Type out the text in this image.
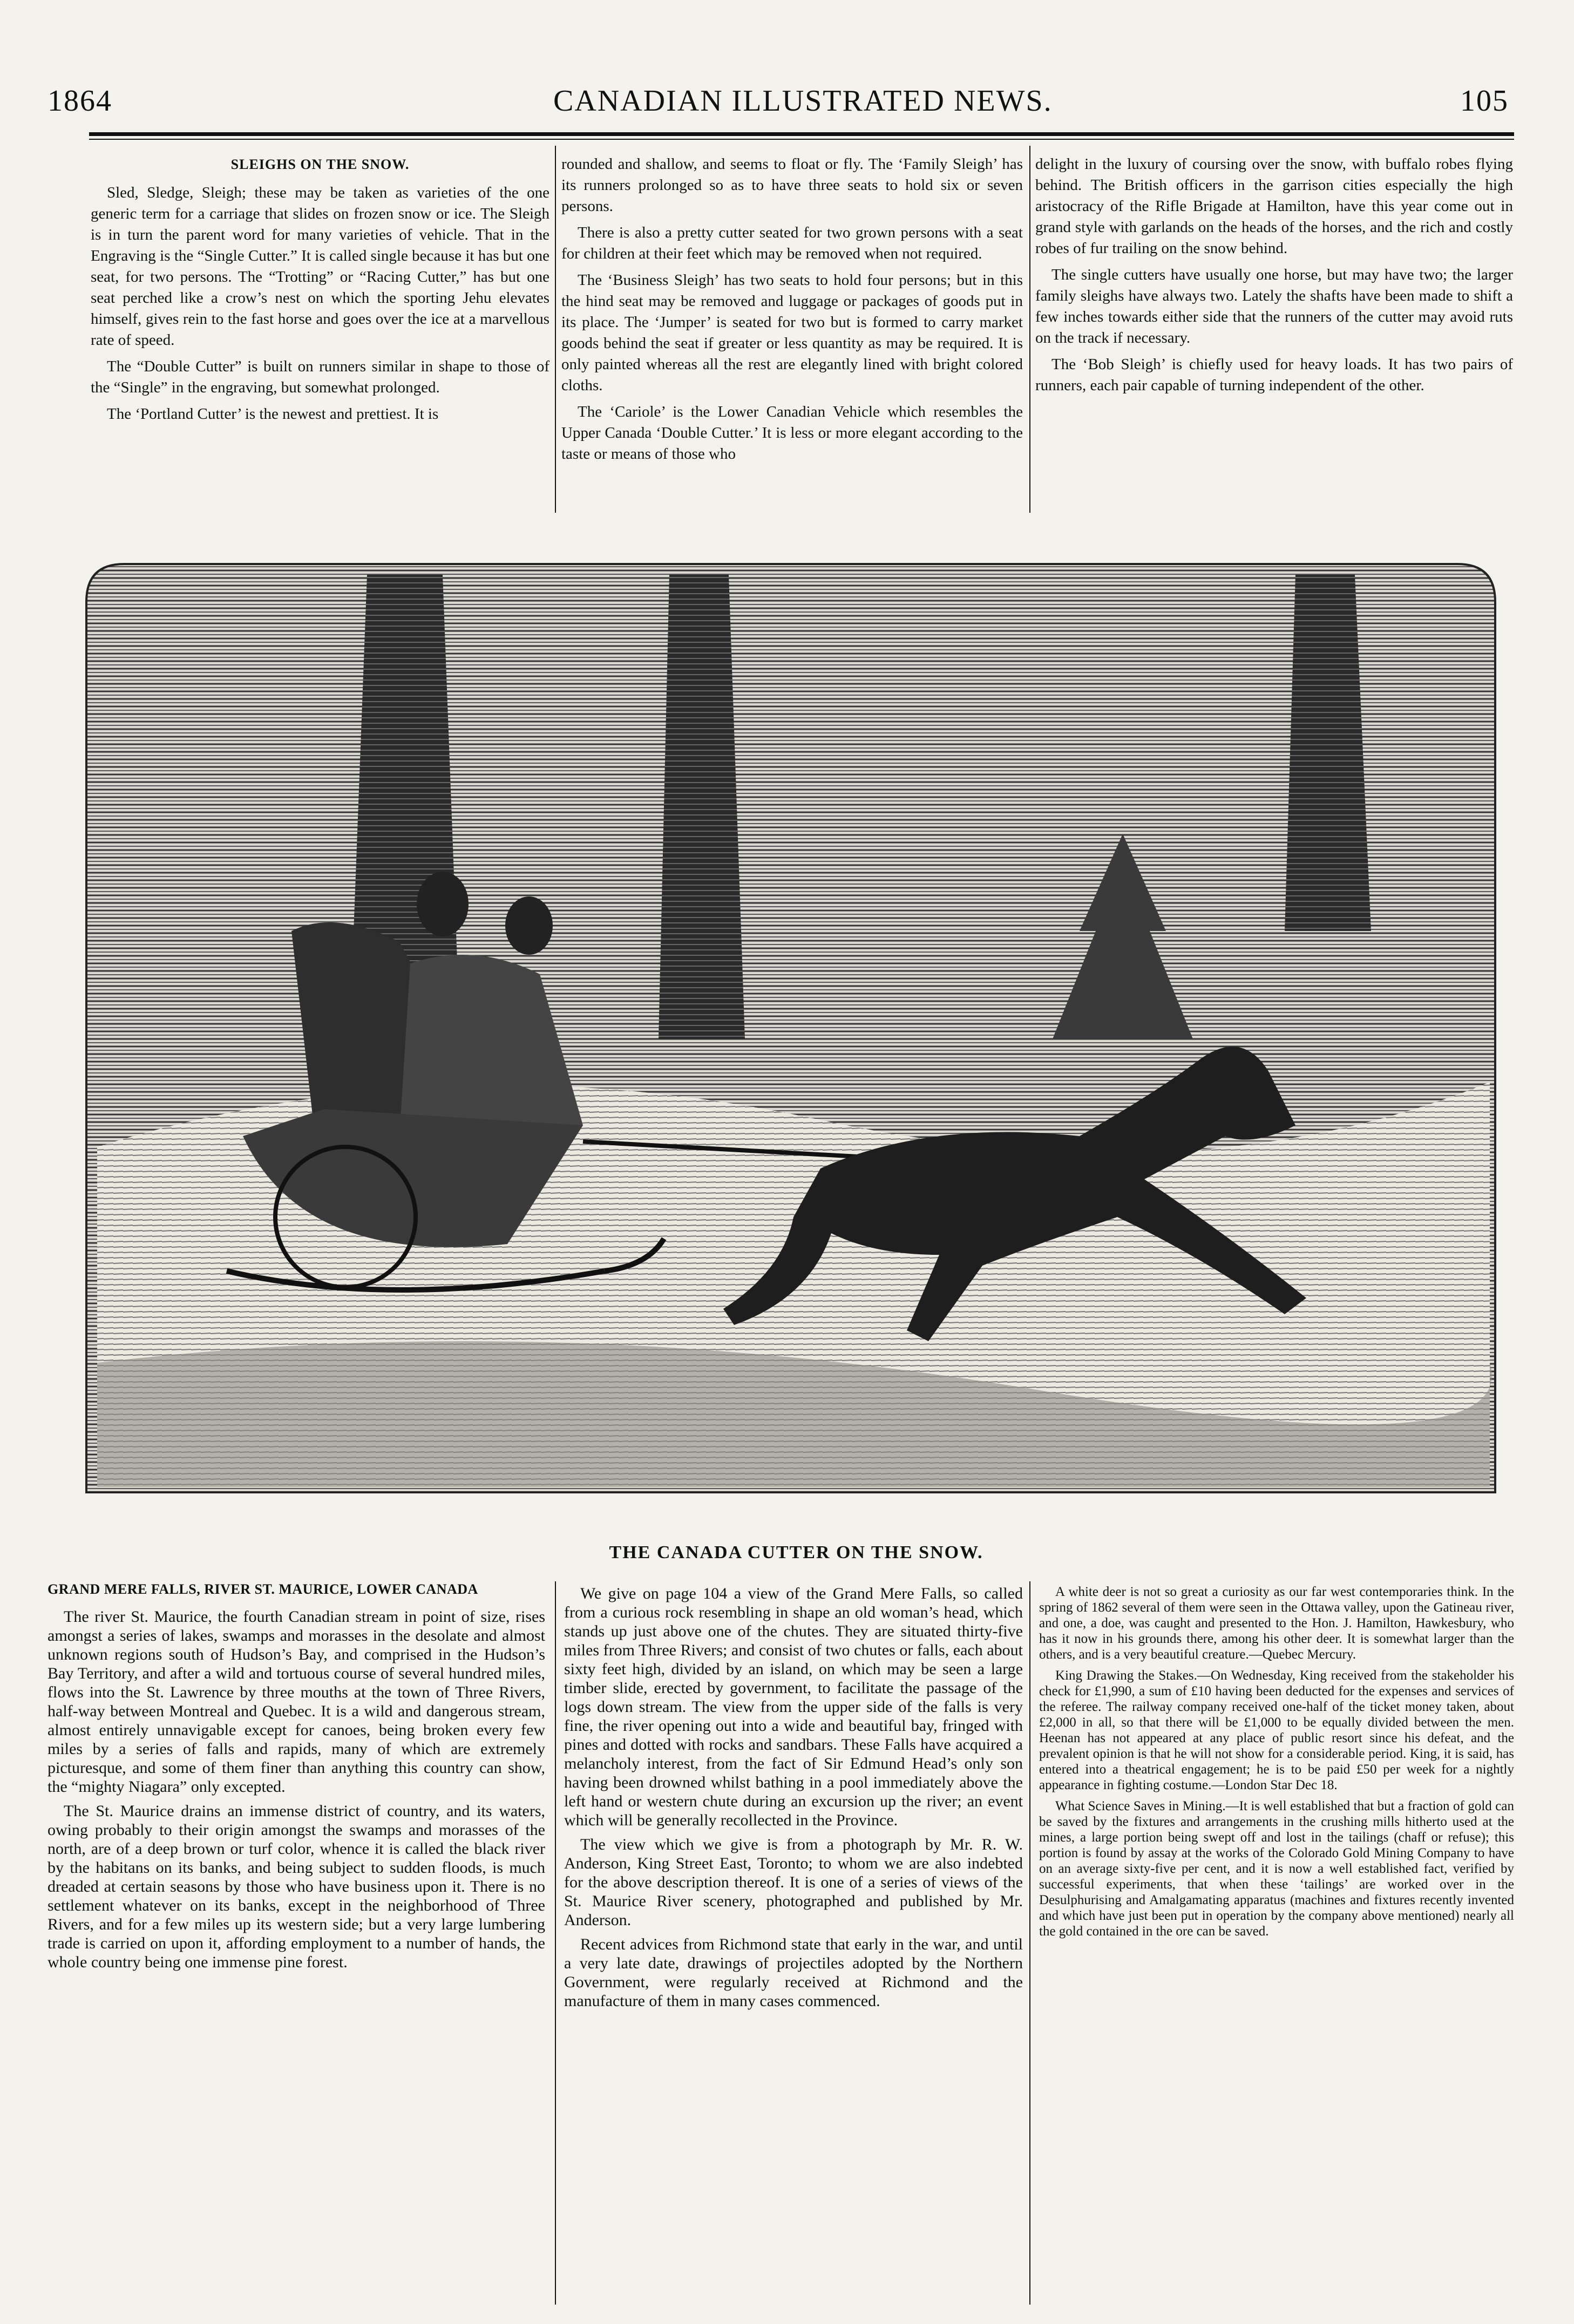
1864	CANADIAN ILLUSTRATED NEWS.	105
SLEIGHS ON THE SNOW.

Sled, Sledge, Sleigh; these may be taken as varieties of the one generic term for a carriage that slides on frozen snow or ice. The Sleigh is in turn the parent word for many varieties of vehicle. That in the Engraving is the “Single Cutter.” It is called single because it has but one seat, for two persons. The “Trotting” or “Racing Cutter,” has but one seat perched like a crow’s nest on which the sporting Jehu elevates himself, gives rein to the fast horse and goes over the ice at a marvellous rate of speed.

The “Double Cutter” is built on runners similar in shape to those of the “Single” in the engraving, but somewhat prolonged.

The ‘Portland Cutter’ is the newest and prettiest. It is

rounded and shallow, and seems to float or fly. The ‘Family Sleigh’ has its runners prolonged so as to have three seats to hold six or seven persons.

There is also a pretty cutter seated for two grown persons with a seat for children at their feet which may be removed when not required.

The ‘Business Sleigh’ has two seats to hold four persons; but in this the hind seat may be removed and luggage or packages of goods put in its place. The ‘Jumper’ is seated for two but is formed to carry market goods behind the seat if greater or less quantity as may be required. It is only painted whereas all the rest are elegantly lined with bright colored cloths.

The ‘Cariole’ is the Lower Canadian Vehicle which resembles the Upper Canada ‘Double Cutter.’ It is less or more elegant according to the taste or means of those who

delight in the luxury of coursing over the snow, with buffalo robes flying behind. The British officers in the garrison cities especially the high aristocracy of the Rifle Brigade at Hamilton, have this year come out in grand style with garlands on the heads of the horses, and the rich and costly robes of fur trailing on the snow behind.

The single cutters have usually one horse, but may have two; the larger family sleighs have always two. Lately the shafts have been made to shift a few inches towards either side that the runners of the cutter may avoid ruts on the track if necessary.

The ‘Bob Sleigh’ is chiefly used for heavy loads. It has two pairs of runners, each pair capable of turning independent of the other.

THE CANADA CUTTER ON THE SNOW.
GRAND MERE FALLS, RIVER ST. MAURICE, LOWER CANADA

The river St. Maurice, the fourth Canadian stream in point of size, rises amongst a series of lakes, swamps and morasses in the desolate and almost unknown regions south of Hudson’s Bay, and comprised in the Hudson’s Bay Territory, and after a wild and tortuous course of several hundred miles, flows into the St. Lawrence by three mouths at the town of Three Rivers, half-way between Montreal and Quebec. It is a wild and dangerous stream, almost entirely unnavigable except for canoes, being broken every few miles by a series of falls and rapids, many of which are extremely picturesque, and some of them finer than anything this country can show, the “mighty Niagara” only excepted.

The St. Maurice drains an immense district of country, and its waters, owing probably to their origin amongst the swamps and morasses of the north, are of a deep brown or turf color, whence it is called the black river by the habitans on its banks, and being subject to sudden floods, is much dreaded at certain seasons by those who have business upon it. There is no settlement whatever on its banks, except in the neighborhood of Three Rivers, and for a few miles up its western side; but a very large lumbering trade is carried on upon it, affording employment to a number of hands, the whole country being one immense pine forest.

We give on page 104 a view of the Grand Mere Falls, so called from a curious rock resembling in shape an old woman’s head, which stands up just above one of the chutes. They are situated thirty-five miles from Three Rivers; and consist of two chutes or falls, each about sixty feet high, divided by an island, on which may be seen a large timber slide, erected by government, to facilitate the passage of the logs down stream. The view from the upper side of the falls is very fine, the river opening out into a wide and beautiful bay, fringed with pines and dotted with rocks and sandbars. These Falls have acquired a melancholy interest, from the fact of Sir Edmund Head’s only son having been drowned whilst bathing in a pool immediately above the left hand or western chute during an excursion up the river; an event which will be generally recollected in the Province.

The view which we give is from a photograph by Mr. R. W. Anderson, King Street East, Toronto; to whom we are also indebted for the above description thereof. It is one of a series of views of the St. Maurice River scenery, photographed and published by Mr. Anderson.

Recent advices from Richmond state that early in the war, and until a very late date, drawings of projectiles adopted by the Northern Government, were regularly received at Richmond and the manufacture of them in many cases commenced.

A white deer is not so great a curiosity as our far west contemporaries think. In the spring of 1862 several of them were seen in the Ottawa valley, upon the Gatineau river, and one, a doe, was caught and presented to the Hon. J. Hamilton, Hawkesbury, who has it now in his grounds there, among his other deer. It is somewhat larger than the others, and is a very beautiful creature.—Quebec Mercury.

King Drawing the Stakes.—On Wednesday, King received from the stakeholder his check for £1,990, a sum of £10 having been deducted for the expenses and services of the referee. The railway company received one-half of the ticket money taken, about £2,000 in all, so that there will be £1,000 to be equally divided between the men. Heenan has not appeared at any place of public resort since his defeat, and the prevalent opinion is that he will not show for a considerable period. King, it is said, has entered into a theatrical engagement; he is to be paid £50 per week for a nightly appearance in fighting costume.—London Star Dec 18.

What Science Saves in Mining.—It is well established that but a fraction of gold can be saved by the fixtures and arrangements in the crushing mills hitherto used at the mines, a large portion being swept off and lost in the tailings (chaff or refuse); this portion is found by assay at the works of the Colorado Gold Mining Company to have on an average sixty-five per cent, and it is now a well established fact, verified by successful experiments, that when these ‘tailings’ are worked over in the Desulphurising and Amalgamating apparatus (machines and fixtures recently invented and which have just been put in operation by the company above mentioned) nearly all the gold contained in the ore can be saved.
